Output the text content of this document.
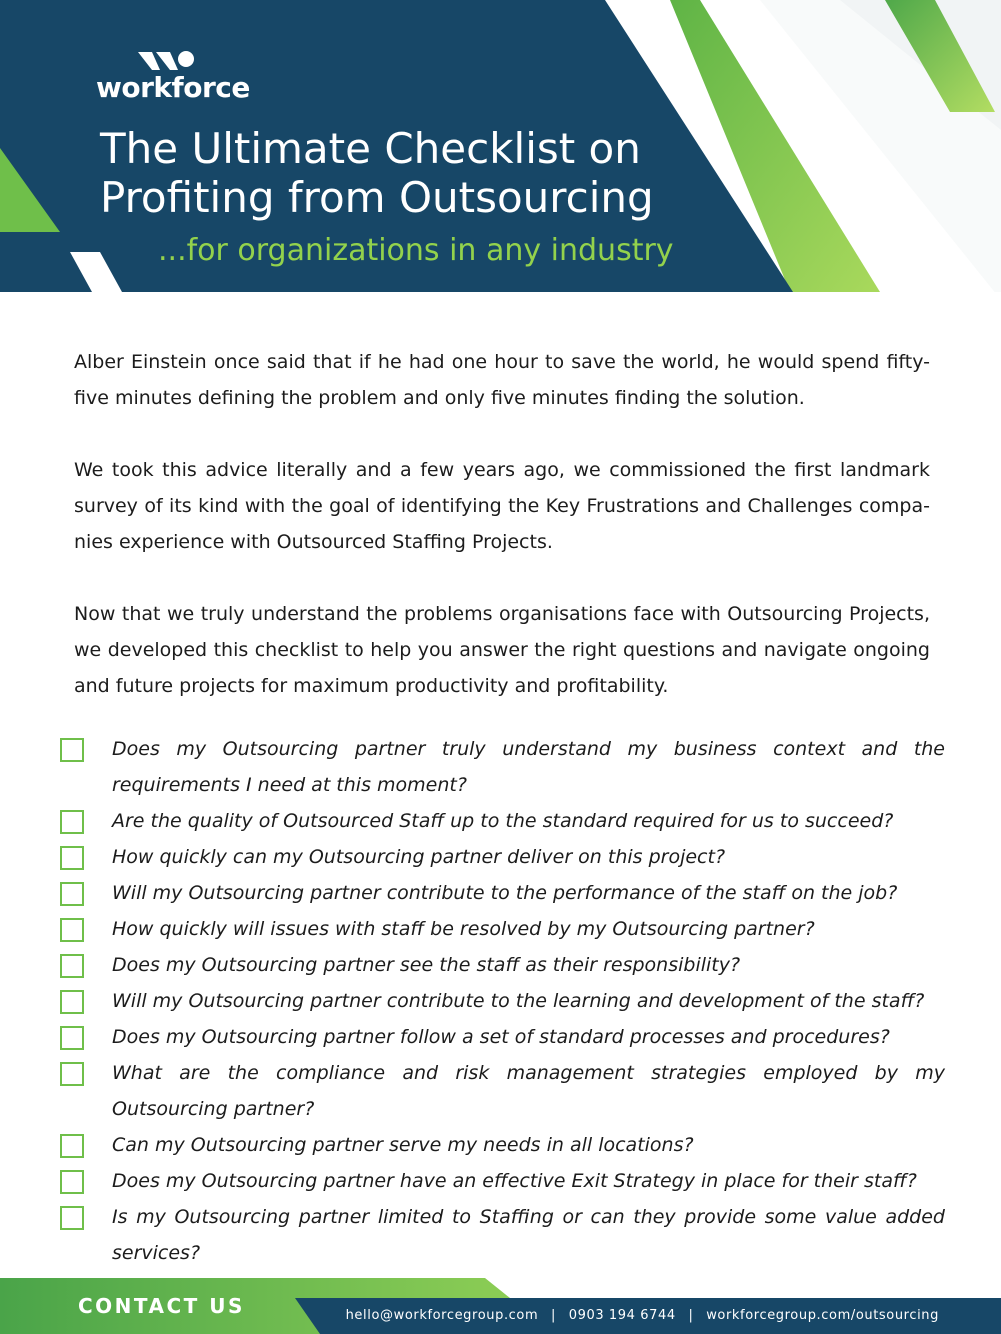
workforce
The Ultimate Checklist on
Profiting from Outsourcing
...for organizations in any industry

Alber Einstein once said that if he had one hour to save the world, he would spend fifty-five minutes defining the problem and only five minutes finding the solution.

We took this advice literally and a few years ago, we commissioned the first landmark survey of its kind with the goal of identifying the Key Frustrations and Challenges compa-nies experience with Outsourced Staffing Projects.

Now that we truly understand the problems organisations face with Outsourcing Projects, we developed this checklist to help you answer the right questions and navigate ongoing and future projects for maximum productivity and profitability.

Does my Outsourcing partner truly understand my business context and the requirements I need at this moment?
Are the quality of Outsourced Staff up to the standard required for us to succeed?
How quickly can my Outsourcing partner deliver on this project?
Will my Outsourcing partner contribute to the performance of the staff on the job?
How quickly will issues with staff be resolved by my Outsourcing partner?
Does my Outsourcing partner see the staff as their responsibility?
Will my Outsourcing partner contribute to the learning and development of the staff?
Does my Outsourcing partner follow a set of standard processes and procedures?
What are the compliance and risk management strategies employed by my Outsourcing partner?
Can my Outsourcing partner serve my needs in all locations?
Does my Outsourcing partner have an effective Exit Strategy in place for their staff?
Is my Outsourcing partner limited to Staffing or can they provide some value added services?
CONTACT US	hello@workforcegroup.com | 0903 194 6744 | workforcegroup.com/outsourcing
